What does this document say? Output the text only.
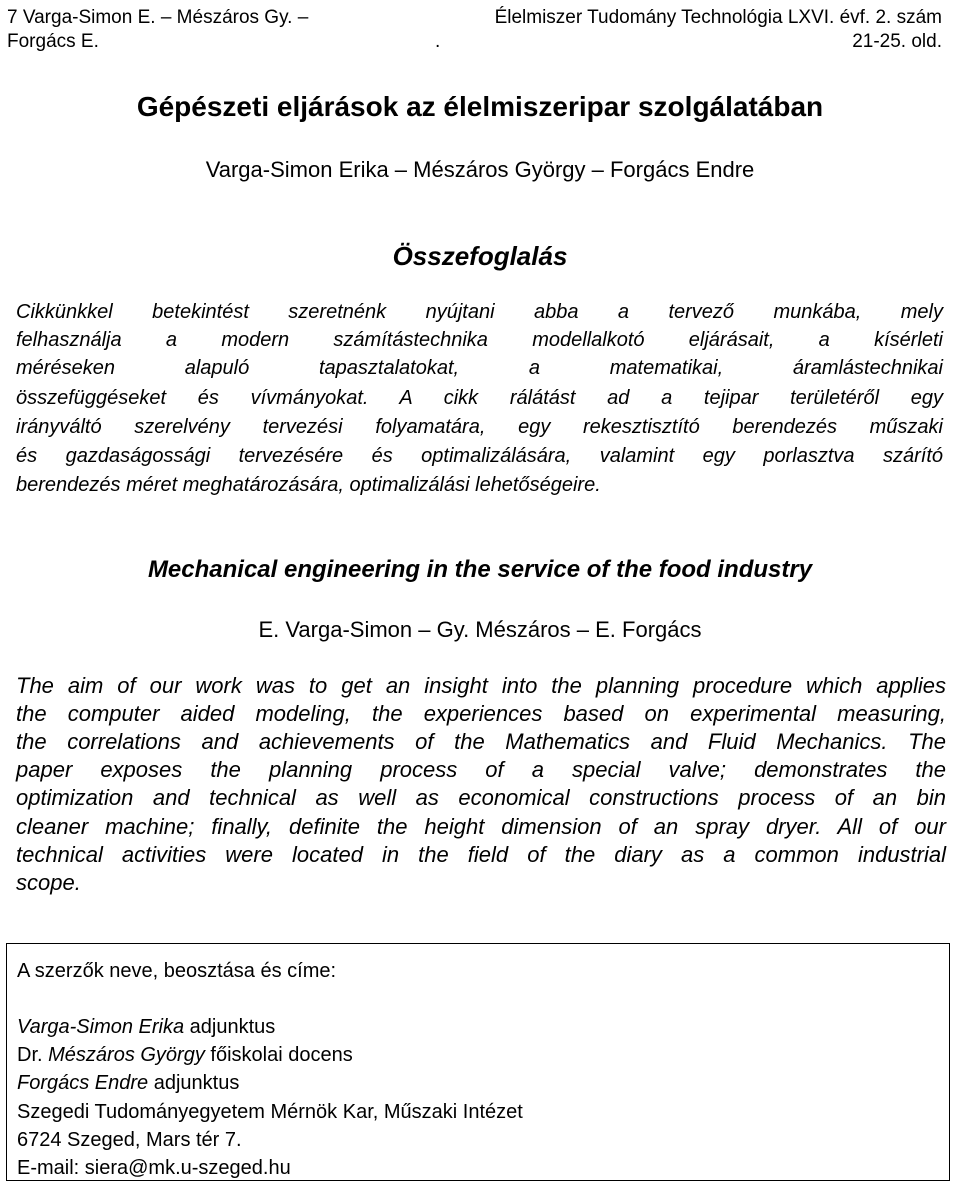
7 Varga-Simon E. – Mészáros Gy. –
Forgács E.	.
Élelmiszer Tudomány Technológia LXVI. évf. 2. szám
21-25. old.
Gépészeti eljárások az élelmiszeripar szolgálatában
Varga-Simon Erika – Mészáros György – Forgács Endre
Összefoglalás
Cikkünkkel betekintést szeretnénk nyújtani abba a tervező munkába, mely
felhasználja a modern számítástechnika modellalkotó eljárásait, a kísérleti
méréseken alapuló tapasztalatokat, a matematikai, áramlástechnikai
összefüggéseket és vívmányokat. A cikk rálátást ad a tejipar területéről egy
irányváltó szerelvény tervezési folyamatára, egy rekesztisztító berendezés műszaki
és gazdaságossági tervezésére és optimalizálására, valamint egy porlasztva szárító
berendezés méret meghatározására, optimalizálási lehetőségeire.
Mechanical engineering in the service of the food industry
E. Varga-Simon – Gy. Mészáros – E. Forgács
The aim of our work was to get an insight into the planning procedure which applies
the computer aided modeling, the experiences based on experimental measuring,
the correlations and achievements of the Mathematics and Fluid Mechanics. The
paper exposes the planning process of a special valve; demonstrates the
optimization and technical as well as economical constructions process of an bin
cleaner machine; finally, definite the height dimension of an spray dryer. All of our
technical activities were located in the field of the diary as a common industrial
scope.
A szerzők neve, beosztása és címe:
Varga-Simon Erika adjunktus
Dr. Mészáros György főiskolai docens
Forgács Endre adjunktus
Szegedi Tudományegyetem Mérnök Kar, Műszaki Intézet
6724 Szeged, Mars tér 7.
E-mail: siera@mk.u-szeged.hu
